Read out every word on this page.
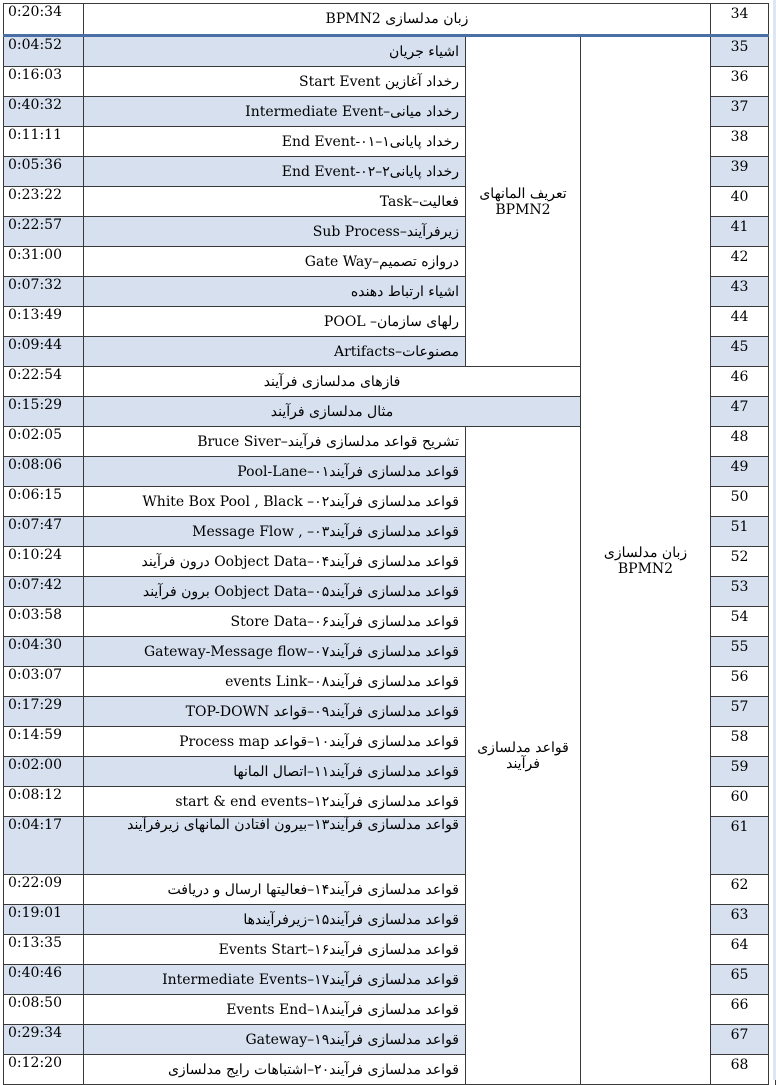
0:20:34	زبان مدلسازی BPMN2			34	
0:04:52	اشیاء جریان	تعریف المانهای BPMN2	زبان مدلسازی BPMN2	35	
0:16:03	رخداد آغازین Start Event			36	
0:40:32	رخداد میانی–Intermediate Event			37	
0:11:11	رخداد پایانی۱–End Event-۰۱			38	
0:05:36	رخداد پایانی۲–End Event-۰۲			39	
0:23:22	فعالیت–Task			40	
0:22:57	زیرفرآیند–Sub Process			41	
0:31:00	دروازه تصمیم–Gate Way			42	
0:07:32	اشیاء ارتباط دهنده			43	
0:13:49	رلهای سازمان– POOL			44	
0:09:44	مصنوعات–Artifacts			45	
0:22:54	فازهای مدلسازی فرآیند			46	
0:15:29	مثال مدلسازی فرآیند			47	
0:02:05	تشریح قواعد مدلسازی فرآیند–Bruce Siver	قواعد مدلسازی فرآیند		48	
0:08:06	قواعد مدلسازی فرآیند۰۱–Pool-Lane			49	
0:06:15	قواعد مدلسازی فرآیند۰۲– White Box Pool , Black			50	
0:07:47	قواعد مدلسازی فرآیند۰۳– , Message Flow			51	
0:10:24	قواعد مدلسازی فرآیند۰۴–Oobject Data درون فرآیند			52	
0:07:42	قواعد مدلسازی فرآیند۰۵–Oobject Data برون فرآیند			53	
0:03:58	قواعد مدلسازی فرآیند۰۶–Store Data			54	
0:04:30	قواعد مدلسازی فرآیند۰۷–Gateway-Message flow			55	
0:03:07	قواعد مدلسازی فرآیند۰۸–events Link			56	
0:17:29	قواعد مدلسازی فرآیند۰۹–قواعد TOP-DOWN			57	
0:14:59	قواعد مدلسازی فرآیند۱۰–قواعد Process map			58	
0:02:00	قواعد مدلسازی فرآیند۱۱–اتصال المانها			59	
0:08:12	قواعد مدلسازی فرآیند۱۲–start & end events			60	
0:04:17	قواعد مدلسازی فرآیند۱۳–بیرون افتادن المانهای زیرفرآیند			61	
0:22:09	قواعد مدلسازی فرآیند۱۴–فعالیتها ارسال و دریافت			62	
0:19:01	قواعد مدلسازی فرآیند۱۵–زیرفرآیندها			63	
0:13:35	قواعد مدلسازی فرآیند۱۶–Events Start			64	
0:40:46	قواعد مدلسازی فرآیند۱۷–Intermediate Events			65	
0:08:50	قواعد مدلسازی فرآیند۱۸–Events End			66	
0:29:34	قواعد مدلسازی فرآیند۱۹–Gateway			67	
0:12:20	قواعد مدلسازی فرآیند۲۰–اشتباهات رایج مدلسازی			68	
